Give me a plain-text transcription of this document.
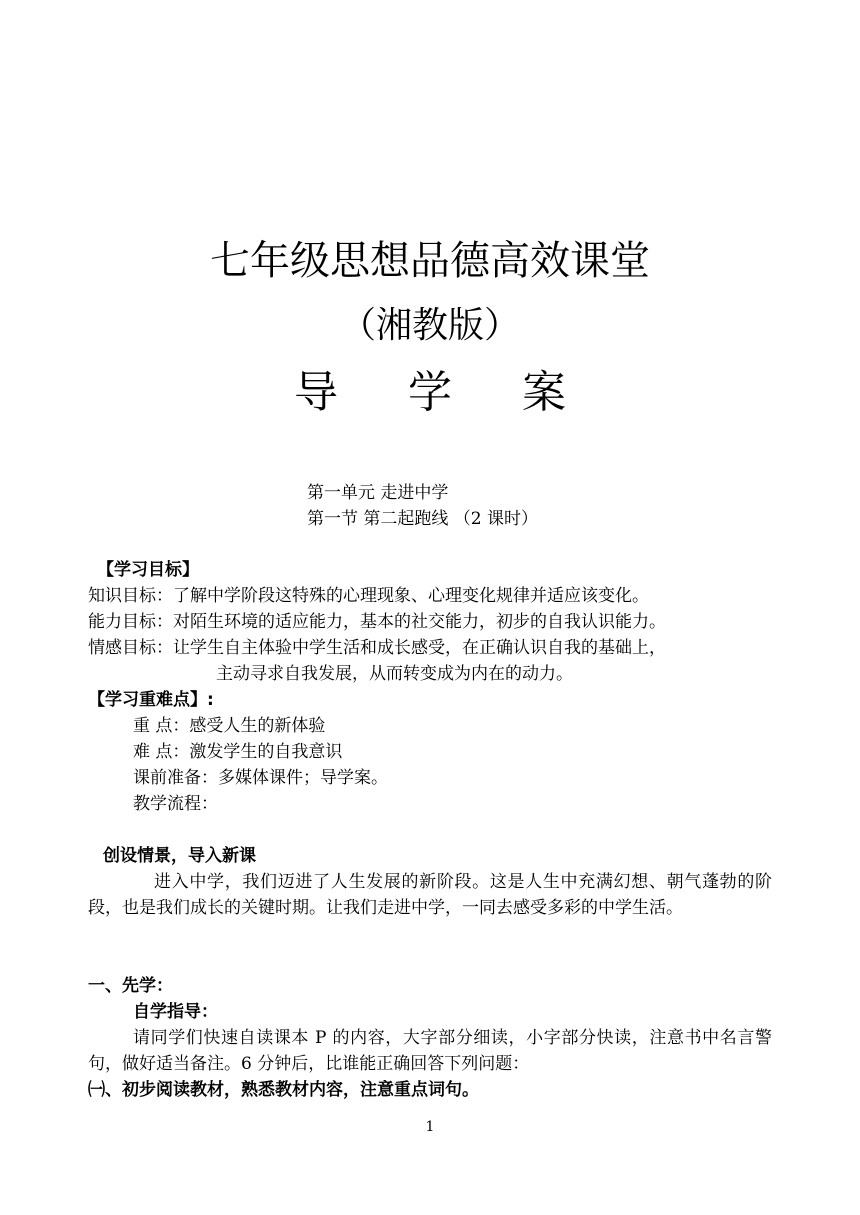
七年级思想品德高效课堂
（湘教版）
导学案
第一单元 走进中学
第一节 第二起跑线 （2 课时）
【学习目标】
知识目标：了解中学阶段这特殊的心理现象、心理变化规律并适应该变化。
能力目标：对陌生环境的适应能力，基本的社交能力，初步的自我认识能力。
情感目标：让学生自主体验中学生活和成长感受，在正确认识自我的基础上，
主动寻求自我发展，从而转变成为内在的动力。
【学习重难点】:
重 点：感受人生的新体验
难 点：激发学生的自我意识
课前准备：多媒体课件；导学案。
教学流程：
创设情景，导入新课
进入中学，我们迈进了人生发展的新阶段。这是人生中充满幻想、朝气蓬勃的阶段，也是我们成长的关键时期。让我们走进中学，一同去感受多彩的中学生活。
一、先学：
自学指导：
请同学们快速自读课本 P 的内容，大字部分细读，小字部分快读，注意书中名言警句，做好适当备注。6 分钟后，比谁能正确回答下列问题：
㈠、初步阅读教材，熟悉教材内容，注意重点词句。
1
